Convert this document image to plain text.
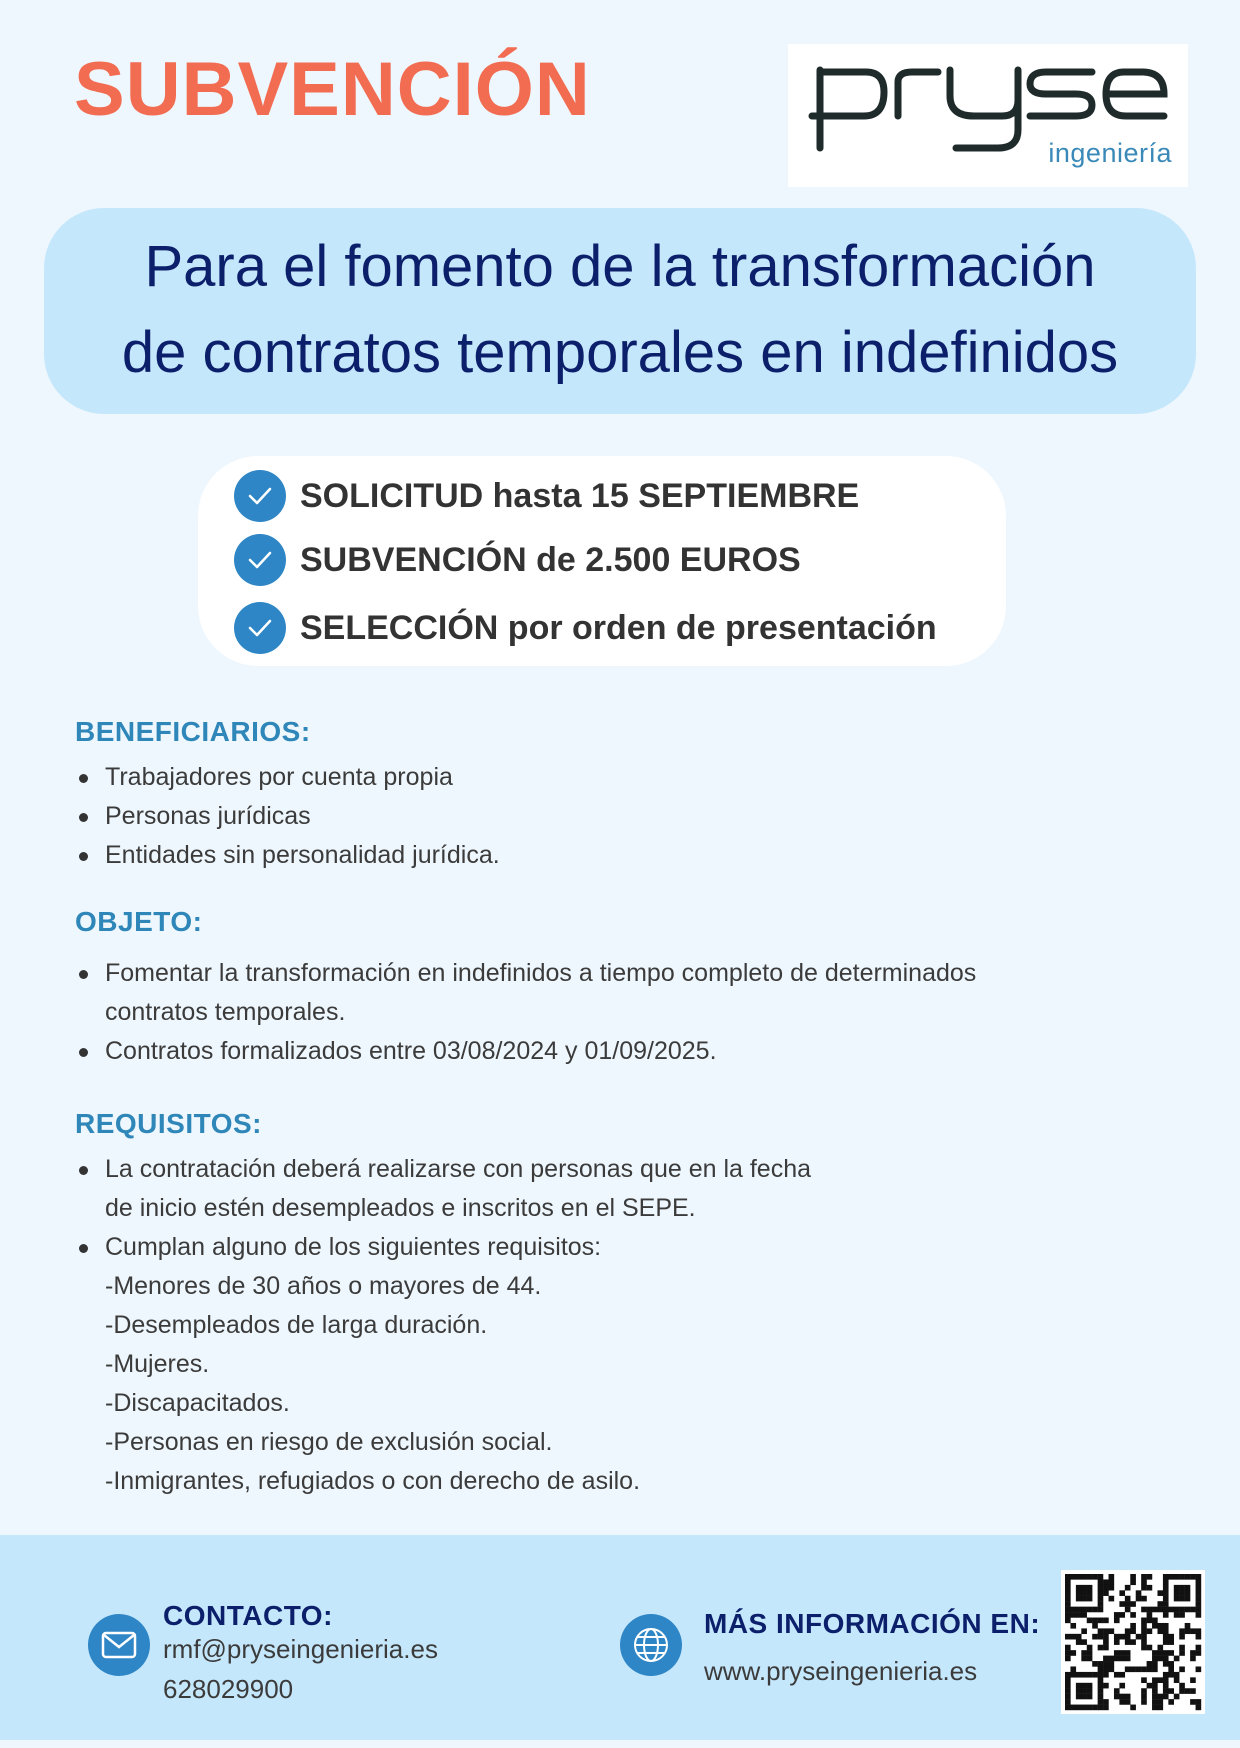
SUBVENCIÓN
ingeniería
Para el fomento de la transformación
de contratos temporales en indefinidos
SOLICITUD hasta 15 SEPTIEMBRE
SUBVENCIÓN de 2.500 EUROS
SELECCIÓN por orden de presentación
BENEFICIARIOS:
Trabajadores por cuenta propia
Personas jurídicas
Entidades sin personalidad jurídica.
OBJETO:
Fomentar la transformación en indefinidos a tiempo completo de determinados
contratos temporales.
Contratos formalizados entre 03/08/2024 y 01/09/2025.
REQUISITOS:
La contratación deberá realizarse con personas que en la fecha
de inicio estén desempleados e inscritos en el SEPE.
Cumplan alguno de los siguientes requisitos:
-Menores de 30 años o mayores de 44.
-Desempleados de larga duración.
-Mujeres.
-Discapacitados.
-Personas en riesgo de exclusión social.
-Inmigrantes, refugiados o con derecho de asilo.
CONTACTO:
rmf@pryseingenieria.es
628029900
MÁS INFORMACIÓN EN:
www.pryseingenieria.es
